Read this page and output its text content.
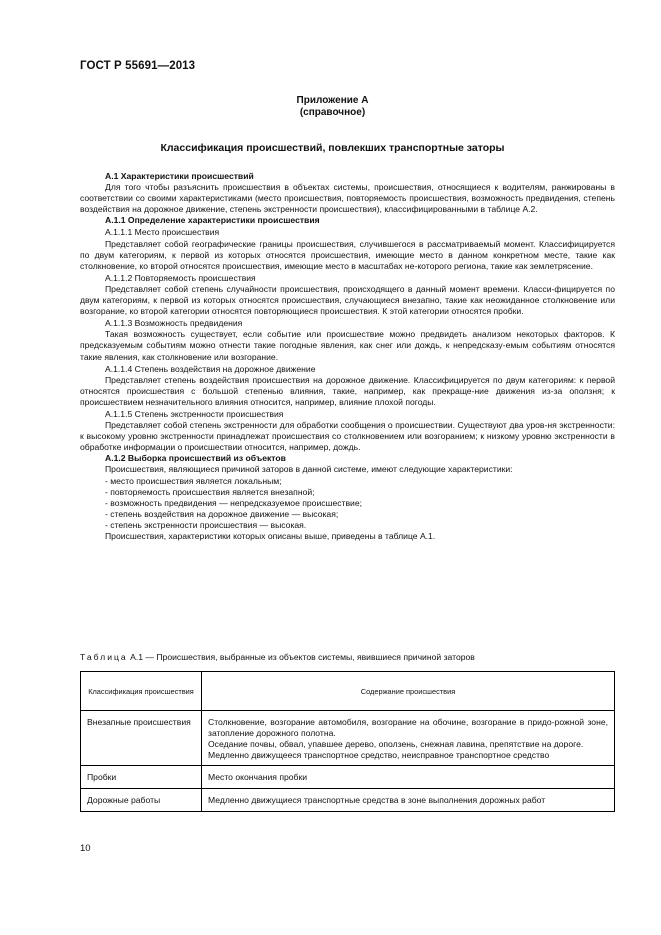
ГОСТ Р 55691—2013
Приложение А
(справочное)
Классификация происшествий, повлекших транспортные заторы

А.1 Характеристики происшествий

Для того чтобы разъяснить происшествия в объектах системы, происшествия, относящиеся к водителям, ранжированы в соответствии со своими характеристиками (место происшествия, повторяемость происшествия, возможность предвидения, степень воздействия на дорожное движение, степень экстренности происшествия), классифицированными в таблице А.2.

А.1.1 Определение характеристики происшествия

А.1.1.1 Место происшествия

Представляет собой географические границы происшествия, случившегося в рассматриваемый момент. Классифицируется по двум категориям, к первой из которых относятся происшествия, имеющие место в данном конкретном месте, такие как столкновение, ко второй относятся происшествия, имеющие место в масштабах не-которого региона, такие как землетрясение.

А.1.1.2 Повторяемость происшествия

Представляет собой степень случайности происшествия, происходящего в данный момент времени. Класси-фицируется по двум категориям, к первой из которых относятся происшествия, случающиеся внезапно, такие как неожиданное столкновение или возгорание, ко второй категории относятся повторяющиеся происшествия. К этой категории относятся пробки.

А.1.1.3 Возможность предвидения

Такая возможность существует, если событие или происшествие можно предвидеть анализом некоторых факторов. К предсказуемым событиям можно отнести такие погодные явления, как снег или дождь, к непредсказу-емым событиям относятся такие явления, как столкновение или возгорание.

А.1.1.4 Степень воздействия на дорожное движение

Представляет степень воздействия происшествия на дорожное движение. Классифицируется по двум категориям: к первой относятся происшествия с большой степенью влияния, такие, например, как прекраще-ние движения из-за оползня; к происшествием незначительного влияния относится, например, влияние плохой погоды.

А.1.1.5 Степень экстренности происшествия

Представляет собой степень экстренности для обработки сообщения о происшествии. Существуют два уров-ня экстренности: к высокому уровню экстренности принадлежат происшествия со столкновением или возгоранием; к низкому уровню экстренности в обработке информации о происшествии относится, например, дождь.

А.1.2 Выборка происшествий из объектов

Происшествия, являющиеся причиной заторов в данной системе, имеют следующие характеристики:

- место происшествия является локальным;

- повторяемость происшествия является внезапной;

- возможность предвидения — непредсказуемое происшествие;

- степень воздействия на дорожное движение — высокая;

- степень экстренности происшествия — высокая.

Происшествия, характеристики которых описаны выше, приведены в таблице А.1.

Таблица А.1 — Происшествия, выбранные из объектов системы, явившиеся причиной заторов
Классификация происшествия	Содержание происшествия
Внезапные происшествия	Столкновение, возгорание автомобиля, возгорание на обочине, возгорание в придо-рожной зоне, затопление дорожного полотна.

Оседание почвы, обвал, упавшее дерево, оползень, снежная лавина, препятствие на дороге.

Медленно движущееся транспортное средство, неисправное транспортное средство

Пробки	Место окончания пробки

Дорожные работы	Медленно движущиеся транспортные средства в зоне выполнения дорожных работ

10
